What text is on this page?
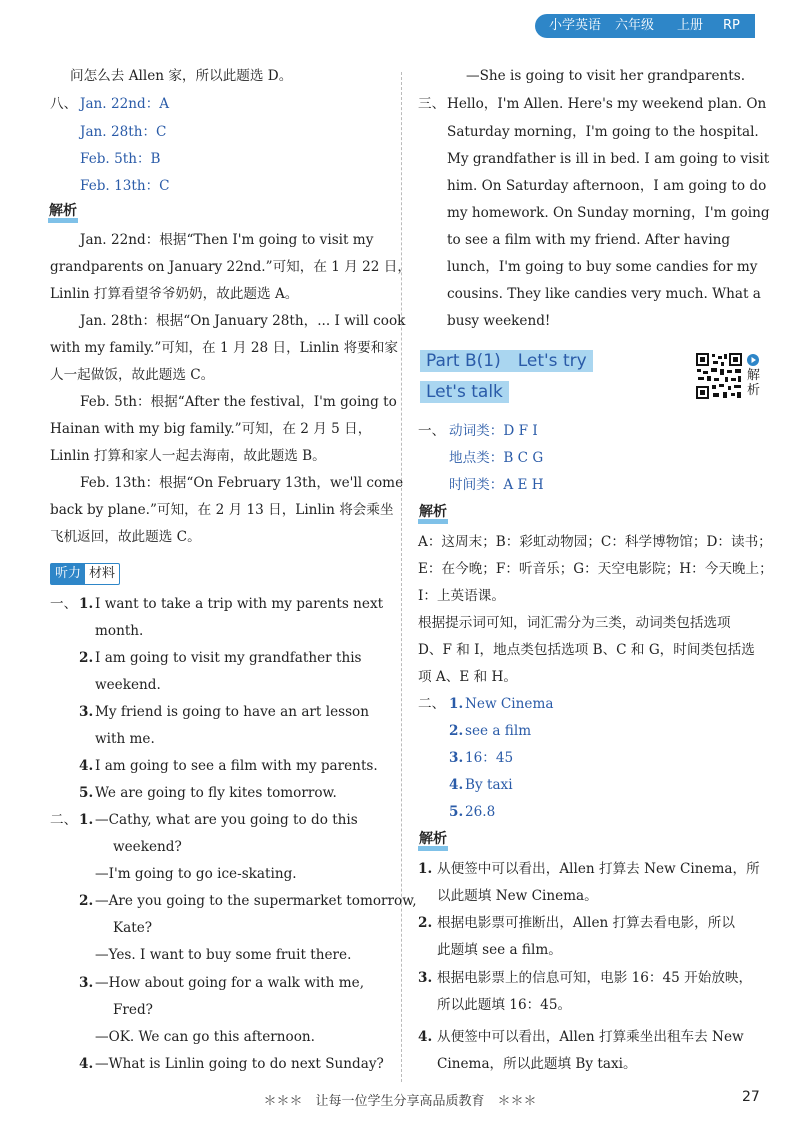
小学英语 六年级 上册 RP
问怎么去 Allen 家，所以此题选 D。
八、 Jan. 22nd：A
Jan. 28th：C
Feb. 5th：B
Feb. 13th：C
解析
Jan. 22nd：根据“Then I'm going to visit my
grandparents on January 22nd.”可知，在 1 月 22 日，
Linlin 打算看望爷爷奶奶，故此题选 A。
Jan. 28th：根据“On January 28th，... I will cook
with my family.”可知，在 1 月 28 日，Linlin 将要和家
人一起做饭，故此题选 C。
Feb. 5th：根据“After the festival，I'm going to
Hainan with my big family.”可知，在 2 月 5 日，
Linlin 打算和家人一起去海南，故此题选 B。
Feb. 13th：根据“On February 13th，we'll come
back by plane.”可知，在 2 月 13 日，Linlin 将会乘坐
飞机返回，故此题选 C。
听力 材料
一、 1. I want to take a trip with my parents next
month.
2. I am going to visit my grandfather this
weekend.
3. My friend is going to have an art lesson
with me.
4. I am going to see a film with my parents.
5. We are going to fly kites tomorrow.
二、 1. —Cathy, what are you going to do this
weekend?
—I'm going to go ice-skating.
2. —Are you going to the supermarket tomorrow,
Kate?
—Yes. I want to buy some fruit there.
3. —How about going for a walk with me,
Fred?
—OK. We can go this afternoon.
4. —What is Linlin going to do next Sunday?
—She is going to visit her grandparents.
三、 Hello，I'm Allen. Here's my weekend plan. On
Saturday morning，I'm going to the hospital.
My grandfather is ill in bed. I am going to visit
him. On Saturday afternoon，I am going to do
my homework. On Sunday morning，I'm going
to see a film with my friend. After having
lunch，I'm going to buy some candies for my
cousins. They like candies very much. What a
busy weekend!
Part B(1)　Let's try
Let's talk
解析
一、 动词类：D F I
地点类：B C G
时间类：A E H
解析
A：这周末；B：彩虹动物园；C：科学博物馆；D：读书；
E：在今晚；F：听音乐；G：天空电影院；H：今天晚上；
I：上英语课。
根据提示词可知，词汇需分为三类，动词类包括选项
D、F 和 I，地点类包括选项 B、C 和 G，时间类包括选
项 A、E 和 H。
二、 1. New Cinema
2. see a film
3. 16：45
4. By taxi
5. 26.8
解析
1. 从便签中可以看出，Allen 打算去 New Cinema，所
以此题填 New Cinema。
2. 根据电影票可推断出，Allen 打算去看电影，所以
此题填 see a film。
3. 根据电影票上的信息可知，电影 16：45 开始放映，
所以此题填 16：45。
4. 从便签中可以看出，Allen 打算乘坐出租车去 New
Cinema，所以此题填 By taxi。
＊＊＊　让每一位学生分享高品质教育　＊＊＊	27
